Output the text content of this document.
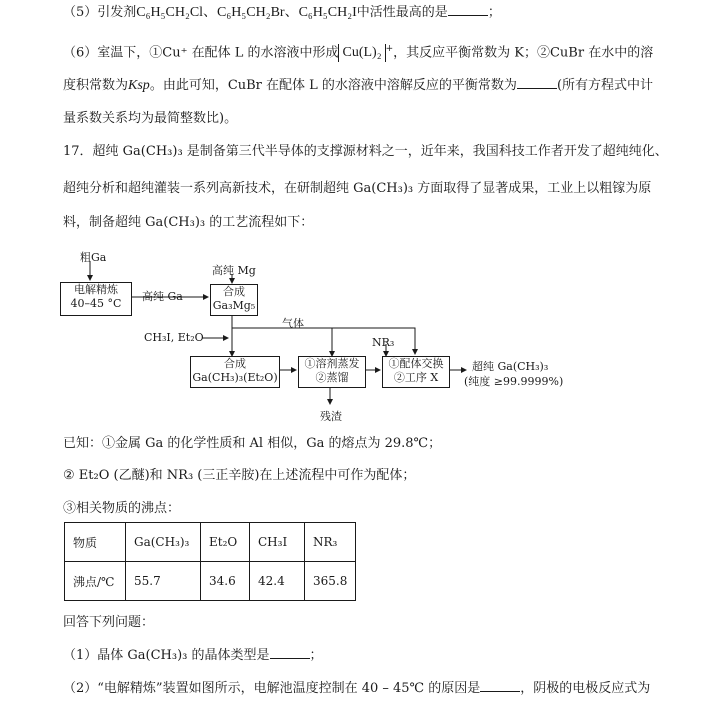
（5）引发剂C₆H₅CH₂Cl、C₆H₅CH₂Br、C₆H₅CH₂I中活性最高的是	；
（6）室温下，①Cu⁺ 在配体 L 的水溶液中形成 Cu(L)₂ +，其反应平衡常数为 K；②CuBr 在水中的溶
度积常数为Ksp。由此可知，CuBr 在配体 L 的水溶液中溶解反应的平衡常数为	(所有方程式中计
量系数关系均为最简整数比)。
17．超纯 Ga(CH₃)₃ 是制备第三代半导体的支撑源材料之一，近年来，我国科技工作者开发了超纯纯化、
超纯分析和超纯灌装一系列高新技术，在研制超纯 Ga(CH₃)₃ 方面取得了显著成果，工业上以粗镓为原
料，制备超纯 Ga(CH₃)₃ 的工艺流程如下：
粗Ga
电解精炼
40–45 °C
高纯 Ga
高纯 Mg
合成
Ga₃Mg₅
气体
CH₃I, Et₂O	NR₃
合成
Ga(CH₃)₃(Et₂O)
①溶剂蒸发
②蒸馏
①配体交换
②工序 X
超纯 Ga(CH₃)₃
(纯度 ≥99.9999%)
残渣
已知：①金属 Ga 的化学性质和 Al 相似，Ga 的熔点为 29.8℃；
② Et₂O (乙醚)和 NR₃ (三正辛胺)在上述流程中可作为配体；
③相关物质的沸点：
物质	Ga(CH₃)₃	Et₂O	CH₃I	NR₃
沸点/℃	55.7	34.6	42.4	365.8
回答下列问题：
（1）晶体 Ga(CH₃)₃ 的晶体类型是	；
（2）“电解精炼”装置如图所示，电解池温度控制在 40 – 45℃ 的原因是	，阴极的电极反应式为
